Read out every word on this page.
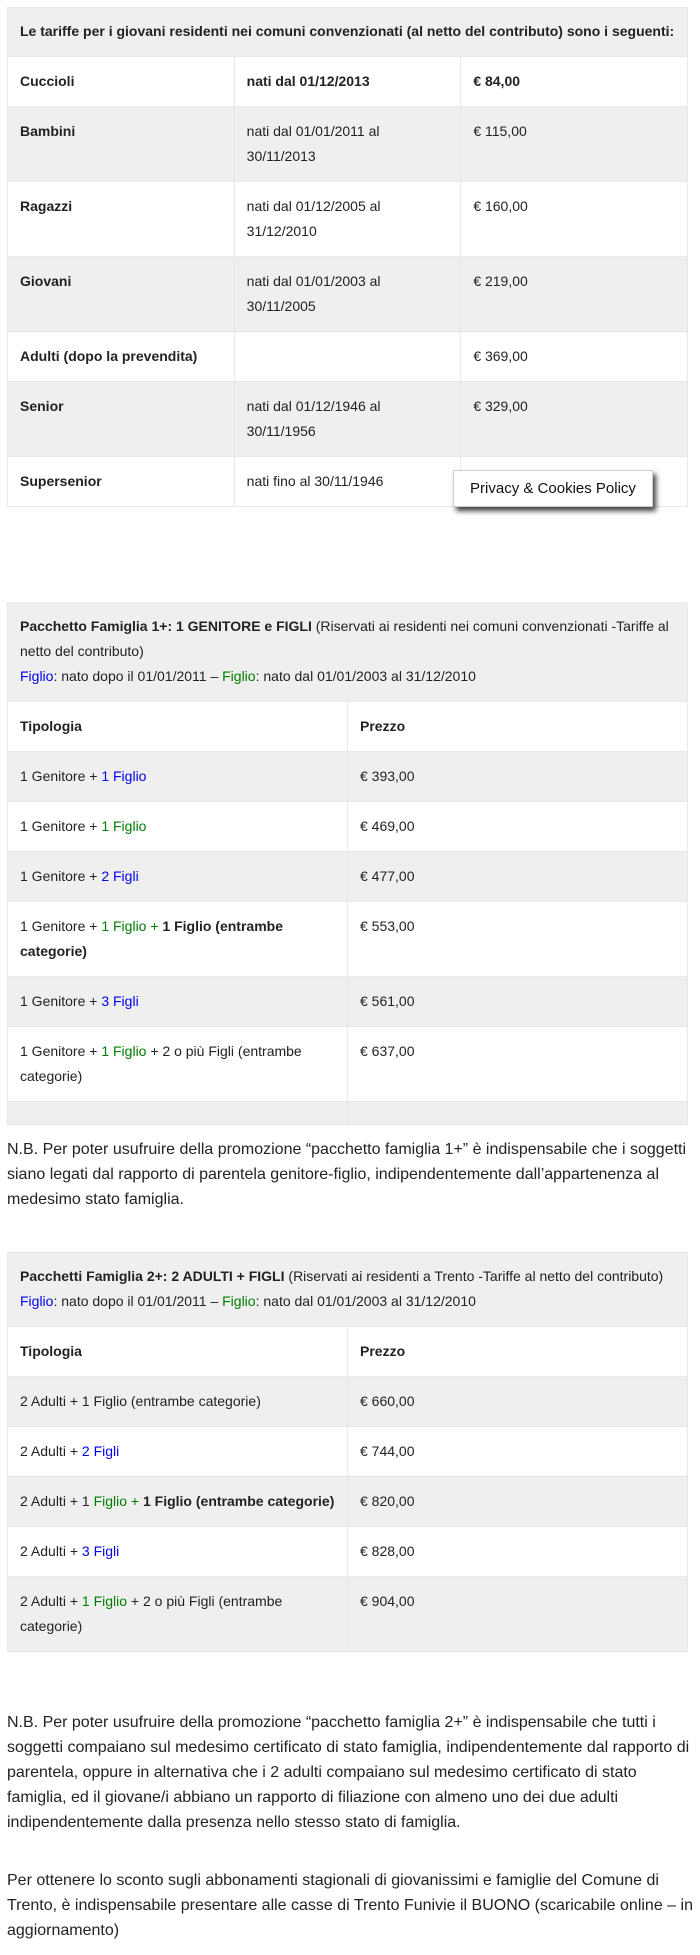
Le tariffe per i giovani residenti nei comuni convenzionati (al netto del contributo) sono i seguenti:		
Cuccioli	nati dal 01/12/2013	€ 84,00
Bambini	nati dal 01/01/2011 al 30/11/2013	€ 115,00
Ragazzi	nati dal 01/12/2005 al 31/12/2010	€ 160,00
Giovani	nati dal 01/01/2003 al 30/11/2005	€ 219,00
Adulti (dopo la prevendita)		€ 369,00
Senior	nati dal 01/12/1946 al 30/11/1956	€ 329,00
Supersenior	nati fino al 30/11/1946		Privacy & Cookies Policy
Pacchetto Famiglia 1+: 1 GENITORE e FIGLI (Riservati ai residenti nei comuni convenzionati -Tariffe al netto del contributo)
Figlio: nato dopo il 01/01/2011 – Figlio: nato dal 01/01/2003 al 31/12/2010	
Tipologia	Prezzo
1 Genitore + 1 Figlio	€ 393,00
1 Genitore + 1 Figlio	€ 469,00
1 Genitore + 2 Figli	€ 477,00
1 Genitore + 1 Figlio + 1 Figlio (entrambe categorie)	€ 553,00
1 Genitore + 3 Figli	€ 561,00
1 Genitore + 1 Figlio + 2 o più Figli (entrambe categorie)	€ 637,00

N.B. Per poter usufruire della promozione “pacchetto famiglia 1+” è indispensabile che i soggetti siano legati dal rapporto di parentela genitore-figlio, indipendentemente dall’appartenenza al medesimo stato famiglia.

Pacchetti Famiglia 2+: 2 ADULTI + FIGLI (Riservati ai residenti a Trento -Tariffe al netto del contributo)
Figlio: nato dopo il 01/01/2011 – Figlio: nato dal 01/01/2003 al 31/12/2010	
Tipologia	Prezzo
2 Adulti + 1 Figlio (entrambe categorie)	€ 660,00
2 Adulti + 2 Figli	€ 744,00
2 Adulti + 1 Figlio + 1 Figlio (entrambe categorie)	€ 820,00
2 Adulti + 3 Figli	€ 828,00
2 Adulti + 1 Figlio + 2 o più Figli (entrambe categorie)	€ 904,00

N.B. Per poter usufruire della promozione “pacchetto famiglia 2+” è indispensabile che tutti i soggetti compaiano sul medesimo certificato di stato famiglia, indipendentemente dal rapporto di parentela, oppure in alternativa che i 2 adulti compaiano sul medesimo certificato di stato famiglia, ed il giovane/i abbiano un rapporto di filiazione con almeno uno dei due adulti indipendentemente dalla presenza nello stesso stato di famiglia.

Per ottenere lo sconto sugli abbonamenti stagionali di giovanissimi e famiglie del Comune di Trento, è indispensabile presentare alle casse di Trento Funivie il BUONO (scaricabile online – in aggiornamento)
